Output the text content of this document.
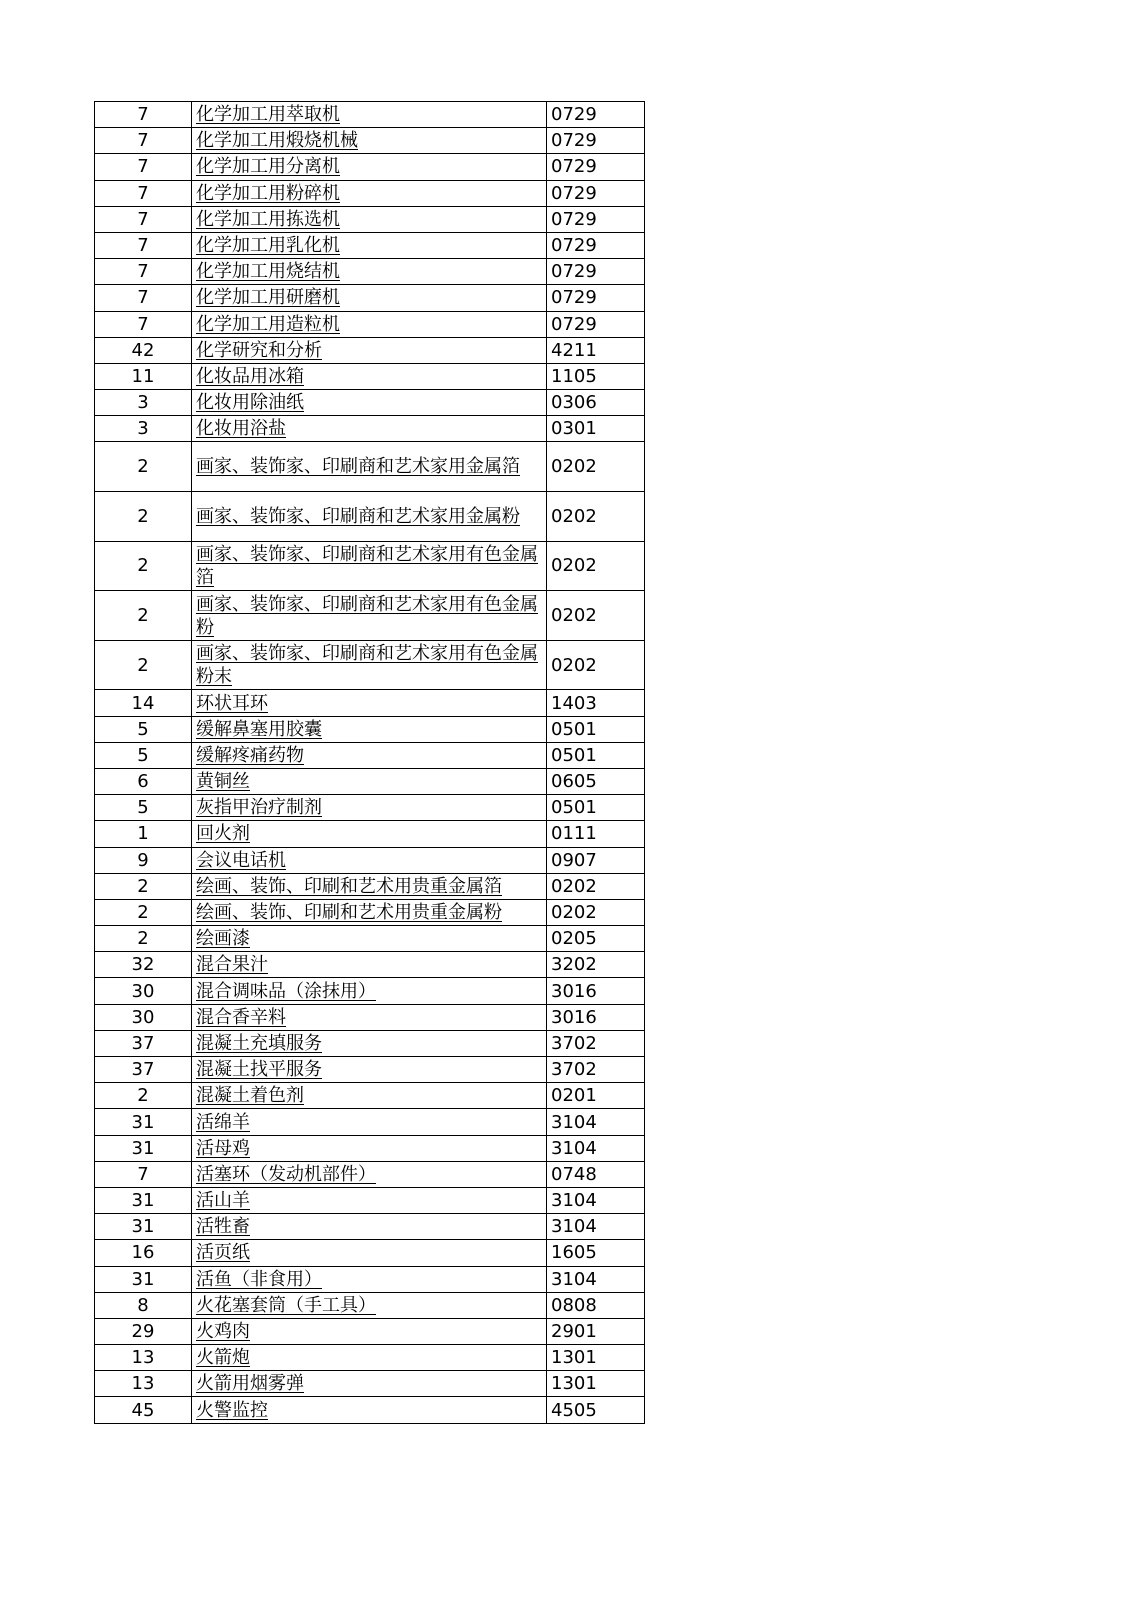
7	化学加工用萃取机	0729
7	化学加工用煅烧机械	0729
7	化学加工用分离机	0729
7	化学加工用粉碎机	0729
7	化学加工用拣选机	0729
7	化学加工用乳化机	0729
7	化学加工用烧结机	0729
7	化学加工用研磨机	0729
7	化学加工用造粒机	0729
42	化学研究和分析	4211
11	化妆品用冰箱	1105
3	化妆用除油纸	0306
3	化妆用浴盐	0301
2	画家、装饰家、印刷商和艺术家用金属箔	0202
2	画家、装饰家、印刷商和艺术家用金属粉	0202
2	画家、装饰家、印刷商和艺术家用有色金属箔	0202
2	画家、装饰家、印刷商和艺术家用有色金属粉	0202
2	画家、装饰家、印刷商和艺术家用有色金属粉末	0202
14	环状耳环	1403
5	缓解鼻塞用胶囊	0501
5	缓解疼痛药物	0501
6	黄铜丝	0605
5	灰指甲治疗制剂	0501
1	回火剂	0111
9	会议电话机	0907
2	绘画、装饰、印刷和艺术用贵重金属箔	0202
2	绘画、装饰、印刷和艺术用贵重金属粉	0202
2	绘画漆	0205
32	混合果汁	3202
30	混合调味品（涂抹用）	3016
30	混合香辛料	3016
37	混凝土充填服务	3702
37	混凝土找平服务	3702
2	混凝土着色剂	0201
31	活绵羊	3104
31	活母鸡	3104
7	活塞环（发动机部件）	0748
31	活山羊	3104
31	活牲畜	3104
16	活页纸	1605
31	活鱼（非食用）	3104
8	火花塞套筒（手工具）	0808
29	火鸡肉	2901
13	火箭炮	1301
13	火箭用烟雾弹	1301
45	火警监控	4505
